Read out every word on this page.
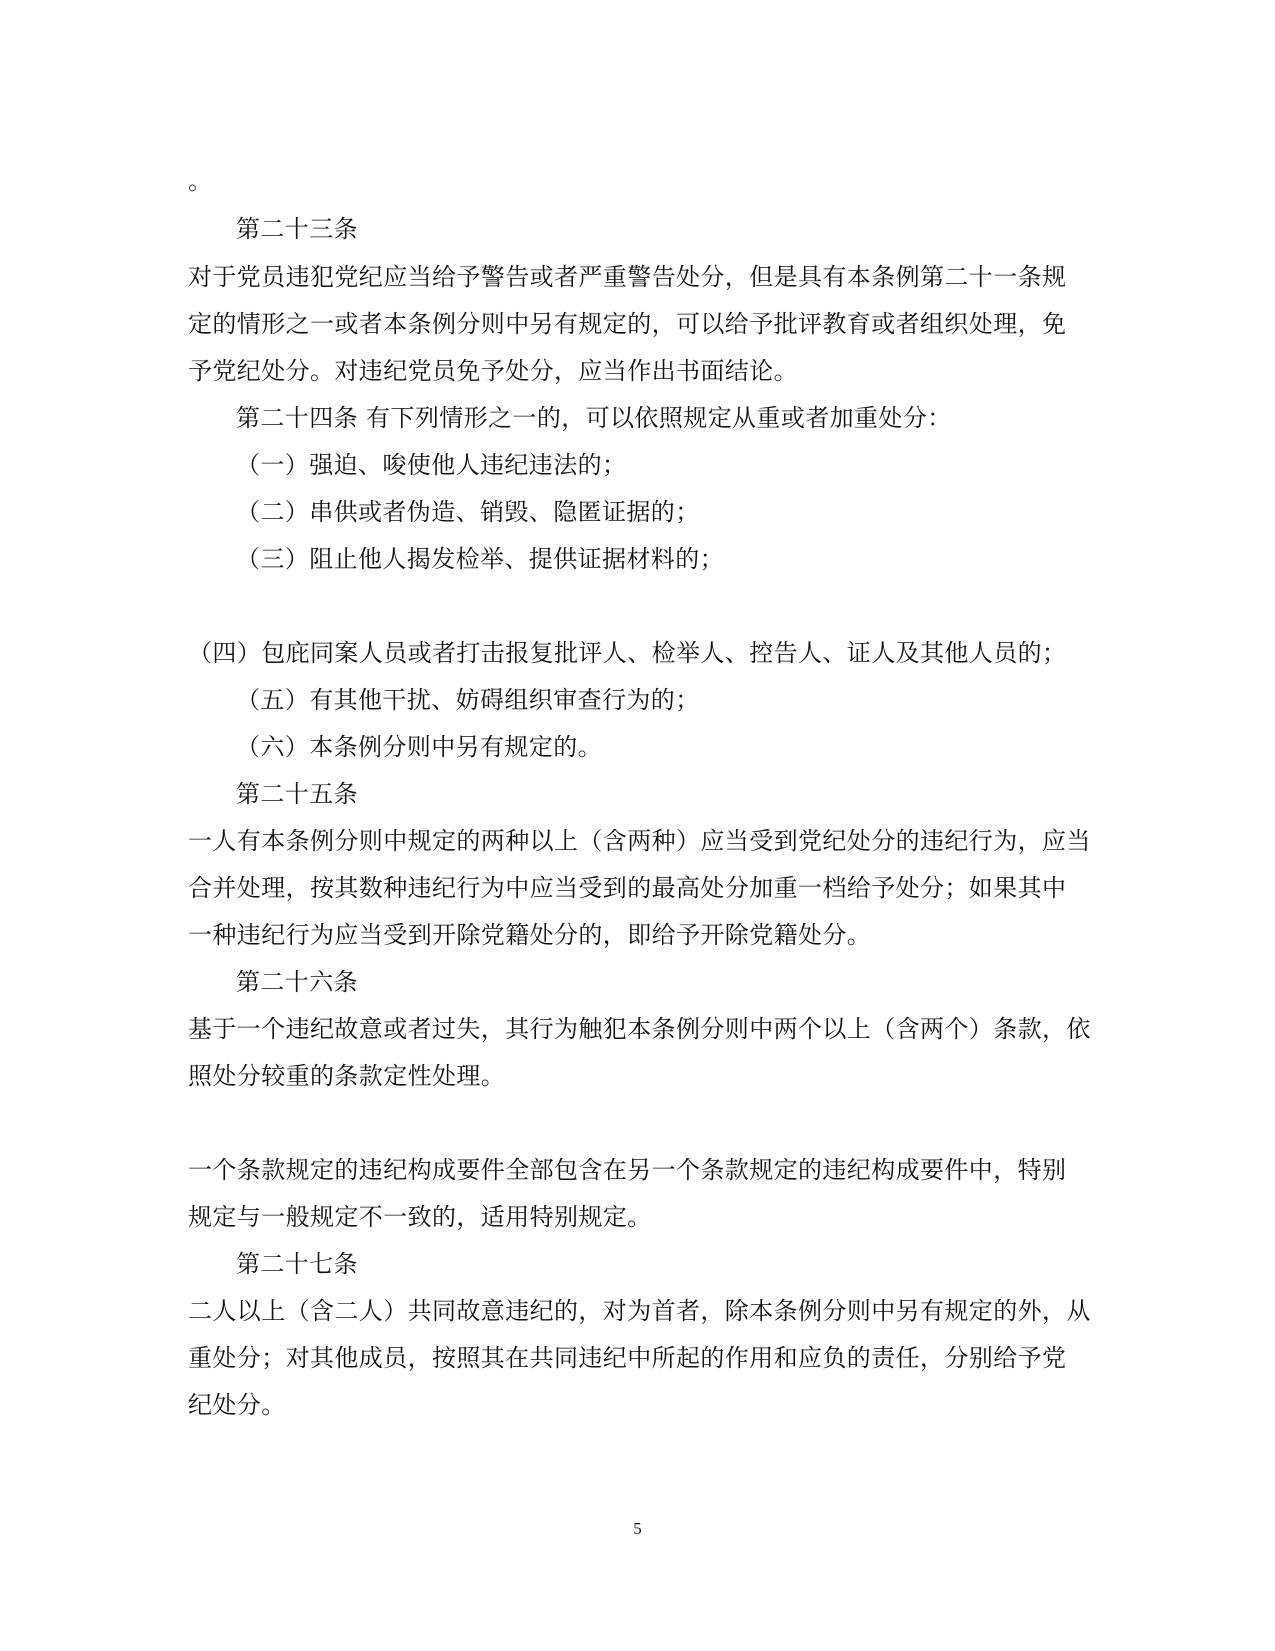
。
第二十三条
对于党员违犯党纪应当给予警告或者严重警告处分，但是具有本条例第二十一条规
定的情形之一或者本条例分则中另有规定的，可以给予批评教育或者组织处理，免
予党纪处分。对违纪党员免予处分，应当作出书面结论。
第二十四条 有下列情形之一的，可以依照规定从重或者加重处分：
（一）强迫、唆使他人违纪违法的；
（二）串供或者伪造、销毁、隐匿证据的；
（三）阻止他人揭发检举、提供证据材料的；
（四）包庇同案人员或者打击报复批评人、检举人、控告人、证人及其他人员的；
（五）有其他干扰、妨碍组织审查行为的；
（六）本条例分则中另有规定的。
第二十五条
一人有本条例分则中规定的两种以上（含两种）应当受到党纪处分的违纪行为，应当
合并处理，按其数种违纪行为中应当受到的最高处分加重一档给予处分；如果其中
一种违纪行为应当受到开除党籍处分的，即给予开除党籍处分。
第二十六条
基于一个违纪故意或者过失，其行为触犯本条例分则中两个以上（含两个）条款，依
照处分较重的条款定性处理。
一个条款规定的违纪构成要件全部包含在另一个条款规定的违纪构成要件中，特别
规定与一般规定不一致的，适用特别规定。
第二十七条
二人以上（含二人）共同故意违纪的，对为首者，除本条例分则中另有规定的外，从
重处分；对其他成员，按照其在共同违纪中所起的作用和应负的责任，分别给予党
纪处分。
5
